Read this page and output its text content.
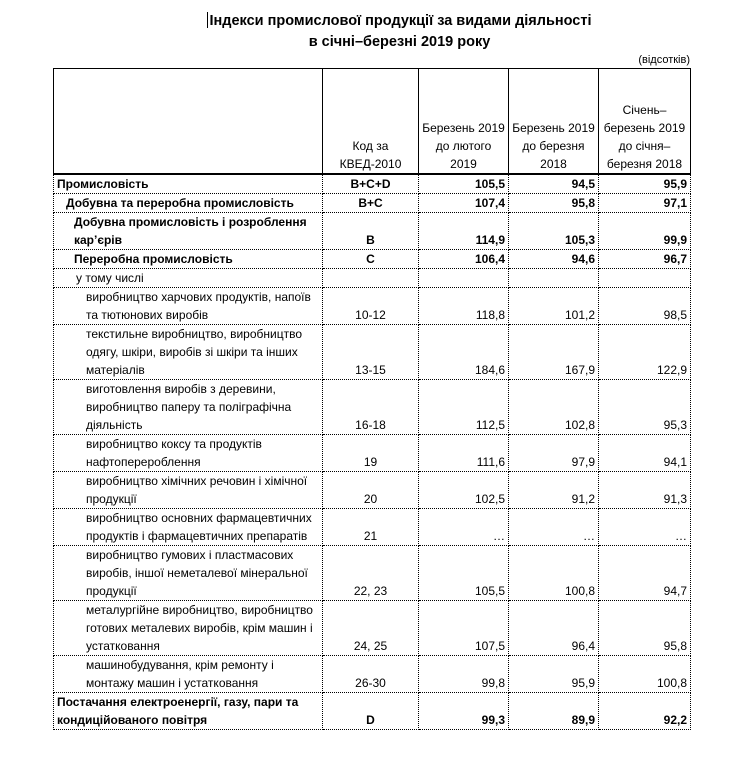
Індекси промислової продукції за видами діяльності
в січні–березні 2019 року
(відсотків)
	Код за КВЕД-2010	Березень 2019 до лютого 2019	Березень 2019 до березня 2018	Січень–березень 2019 до січня–березня 2018
Промисловість	B+C+D	105,5	94,5	95,9
Добувна та переробна промисловість	B+C	107,4	95,8	97,1
Добувна промисловість і розроблення кар’єрів	B	114,9	105,3	99,9
Переробна промисловість	C	106,4	94,6	96,7
у тому числі				
виробництво харчових продуктів, напоїв та тютюнових виробів	10-12	118,8	101,2	98,5
текстильне виробництво, виробництво одягу, шкіри, виробів зі шкіри та інших матеріалів	13-15	184,6	167,9	122,9
виготовлення виробів з деревини, виробництво паперу та поліграфічна діяльність	16-18	112,5	102,8	95,3
виробництво коксу та продуктів нафтоперероблення	19	111,6	97,9	94,1
виробництво хімічних речовин і хімічної продукції	20	102,5	91,2	91,3
виробництво основних фармацевтичних продуктів і фармацевтичних препаратів	21	…	…	…
виробництво гумових і пластмасових виробів, іншої неметалевої мінеральної продукції	22, 23	105,5	100,8	94,7
металургійне виробництво, виробництво готових металевих виробів, крім машин і устатковання	24, 25	107,5	96,4	95,8
машинобудування, крім ремонту і монтажу машин і устатковання	26-30	99,8	95,9	100,8
Постачання електроенергії, газу, пари та кондиційованого повітря	D	99,3	89,9	92,2
